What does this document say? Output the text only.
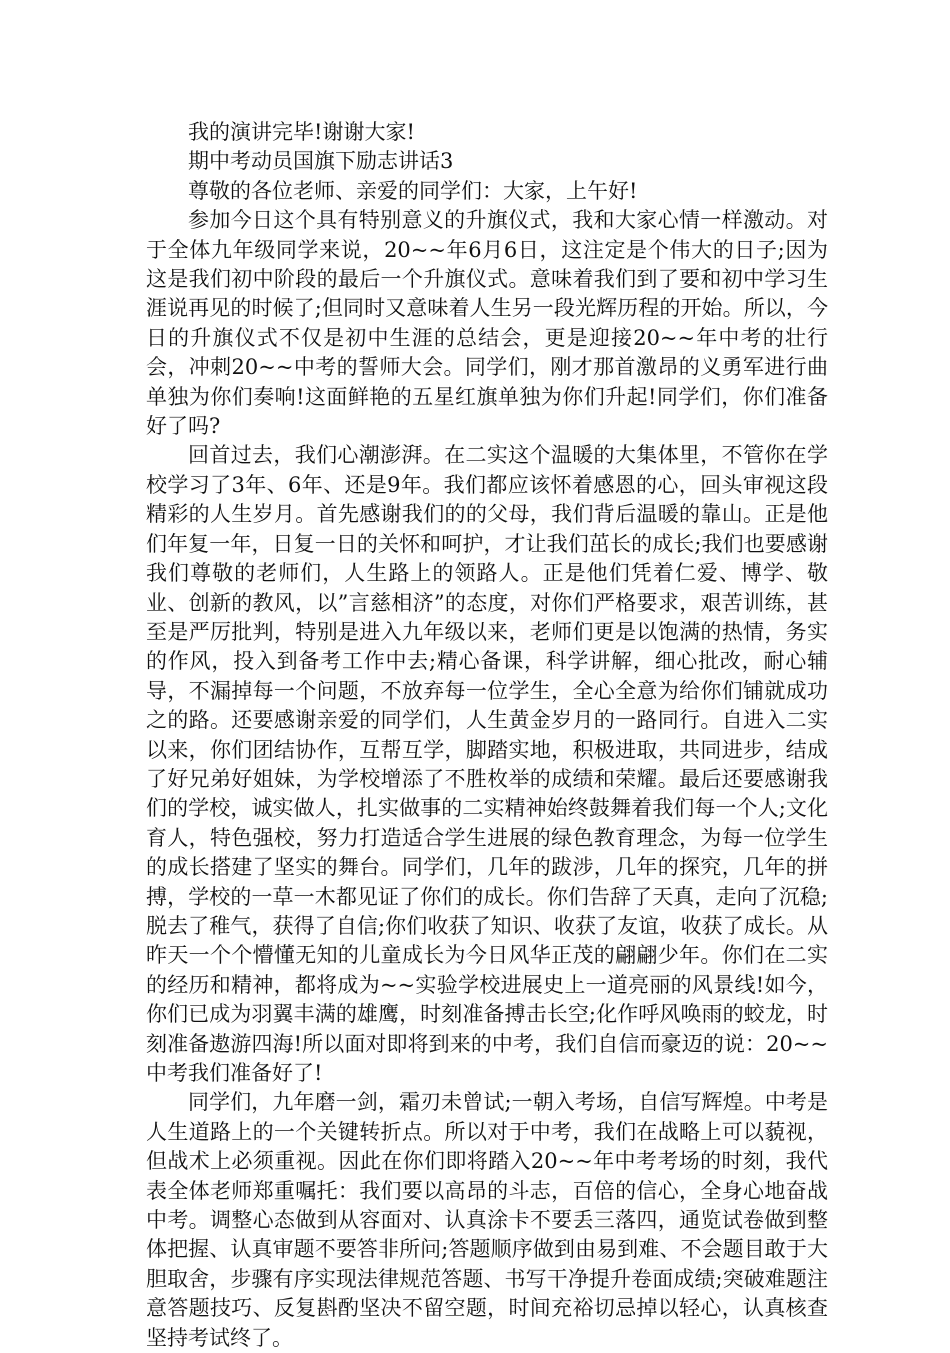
我的演讲完毕!谢谢大家!

期中考动员国旗下励志讲话3

尊敬的各位老师、亲爱的同学们：大家，上午好!

参加今日这个具有特别意义的升旗仪式，我和大家心情一样激动。对于全体九年级同学来说，20~~年6月6日，这注定是个伟大的日子;因为这是我们初中阶段的最后一个升旗仪式。意味着我们到了要和初中学习生涯说再见的时候了;但同时又意味着人生另一段光辉历程的开始。所以，今日的升旗仪式不仅是初中生涯的总结会，更是迎接20~~年中考的壮行会，冲刺20~~中考的誓师大会。同学们，刚才那首激昂的义勇军进行曲单独为你们奏响!这面鲜艳的五星红旗单独为你们升起!同学们，你们准备好了吗?

回首过去，我们心潮澎湃。在二实这个温暖的大集体里，不管你在学校学习了3年、6年、还是9年。我们都应该怀着感恩的心，回头审视这段精彩的人生岁月。首先感谢我们的的父母，我们背后温暖的靠山。正是他们年复一年，日复一日的关怀和呵护，才让我们茁长的成长;我们也要感谢我们尊敬的老师们，人生路上的领路人。正是他们凭着仁爱、博学、敬业、创新的教风，以”言慈相济”的态度，对你们严格要求，艰苦训练，甚至是严厉批判，特别是进入九年级以来，老师们更是以饱满的热情，务实的作风，投入到备考工作中去;精心备课，科学讲解，细心批改，耐心辅导，不漏掉每一个问题，不放弃每一位学生，全心全意为给你们铺就成功之的路。还要感谢亲爱的同学们，人生黄金岁月的一路同行。自进入二实以来，你们团结协作，互帮互学，脚踏实地，积极进取，共同进步，结成了好兄弟好姐妹，为学校增添了不胜枚举的成绩和荣耀。最后还要感谢我们的学校，诚实做人，扎实做事的二实精神始终鼓舞着我们每一个人;文化育人，特色强校，努力打造适合学生进展的绿色教育理念，为每一位学生的成长搭建了坚实的舞台。同学们，几年的跋涉，几年的探究，几年的拼搏，学校的一草一木都见证了你们的成长。你们告辞了天真，走向了沉稳;脱去了稚气，获得了自信;你们收获了知识、收获了友谊，收获了成长。从昨天一个个懵懂无知的儿童成长为今日风华正茂的翩翩少年。你们在二实的经历和精神，都将成为~~实验学校进展史上一道亮丽的风景线!如今，你们已成为羽翼丰满的雄鹰，时刻准备搏击长空;化作呼风唤雨的蛟龙，时刻准备遨游四海!所以面对即将到来的中考，我们自信而豪迈的说：20~~中考我们准备好了!

同学们，九年磨一剑，霜刃未曾试;一朝入考场，自信写辉煌。中考是人生道路上的一个关键转折点。所以对于中考，我们在战略上可以藐视，但战术上必须重视。因此在你们即将踏入20~~年中考考场的时刻，我代表全体老师郑重嘱托：我们要以高昂的斗志，百倍的信心，全身心地奋战中考。调整心态做到从容面对、认真涂卡不要丢三落四，通览试卷做到整体把握、认真审题不要答非所问;答题顺序做到由易到难、不会题目敢于大胆取舍，步骤有序实现法律规范答题、书写干净提升卷面成绩;突破难题注意答题技巧、反复斟酌坚决不留空题，时间充裕切忌掉以轻心，认真核查坚持考试终了。
